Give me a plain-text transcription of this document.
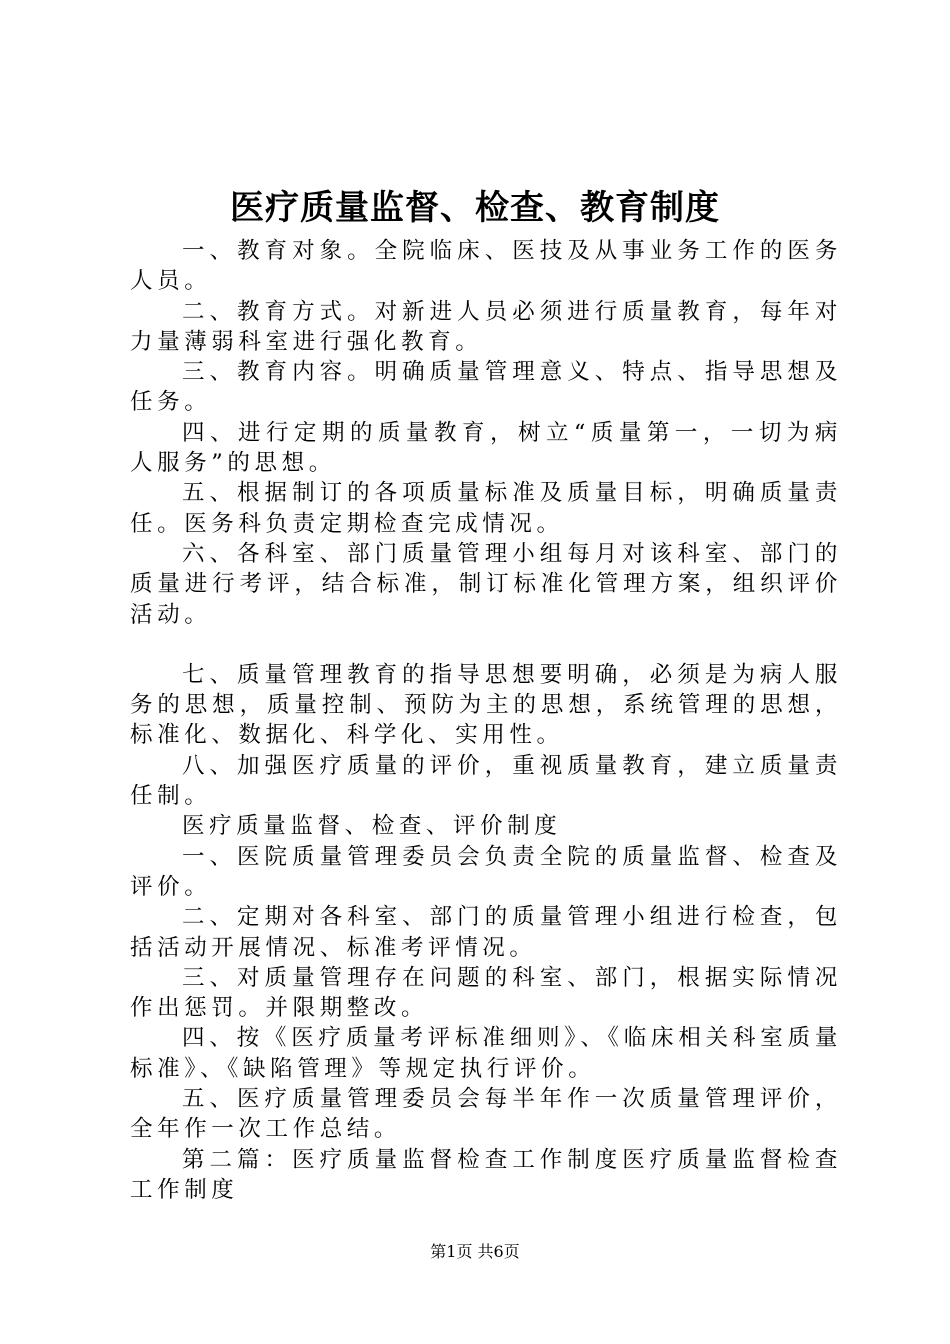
医疗质量监督、检查、教育制度

一、教育对象。全院临床、医技及从事业务工作的医务人员。

二、教育方式。对新进人员必须进行质量教育，每年对力量薄弱科室进行强化教育。

三、教育内容。明确质量管理意义、特点、指导思想及任务。

四、进行定期的质量教育，树立“质量第一，一切为病人服务”的思想。

五、根据制订的各项质量标准及质量目标，明确质量责任。医务科负责定期检查完成情况。

六、各科室、部门质量管理小组每月对该科室、部门的质量进行考评，结合标准，制订标准化管理方案，组织评价活动。

七、质量管理教育的指导思想要明确，必须是为病人服务的思想，质量控制、预防为主的思想，系统管理的思想，标准化、数据化、科学化、实用性。

八、加强医疗质量的评价，重视质量教育，建立质量责任制。

医疗质量监督、检查、评价制度

一、医院质量管理委员会负责全院的质量监督、检查及评价。

二、定期对各科室、部门的质量管理小组进行检查，包括活动开展情况、标准考评情况。

三、对质量管理存在问题的科室、部门，根据实际情况作出惩罚。并限期整改。

四、按《医疗质量考评标准细则》、《临床相关科室质量标准》、《缺陷管理》等规定执行评价。

五、医疗质量管理委员会每半年作一次质量管理评价，全年作一次工作总结。

第二篇：医疗质量监督检查工作制度医疗质量监督检查工作制度

第1页 共6页
